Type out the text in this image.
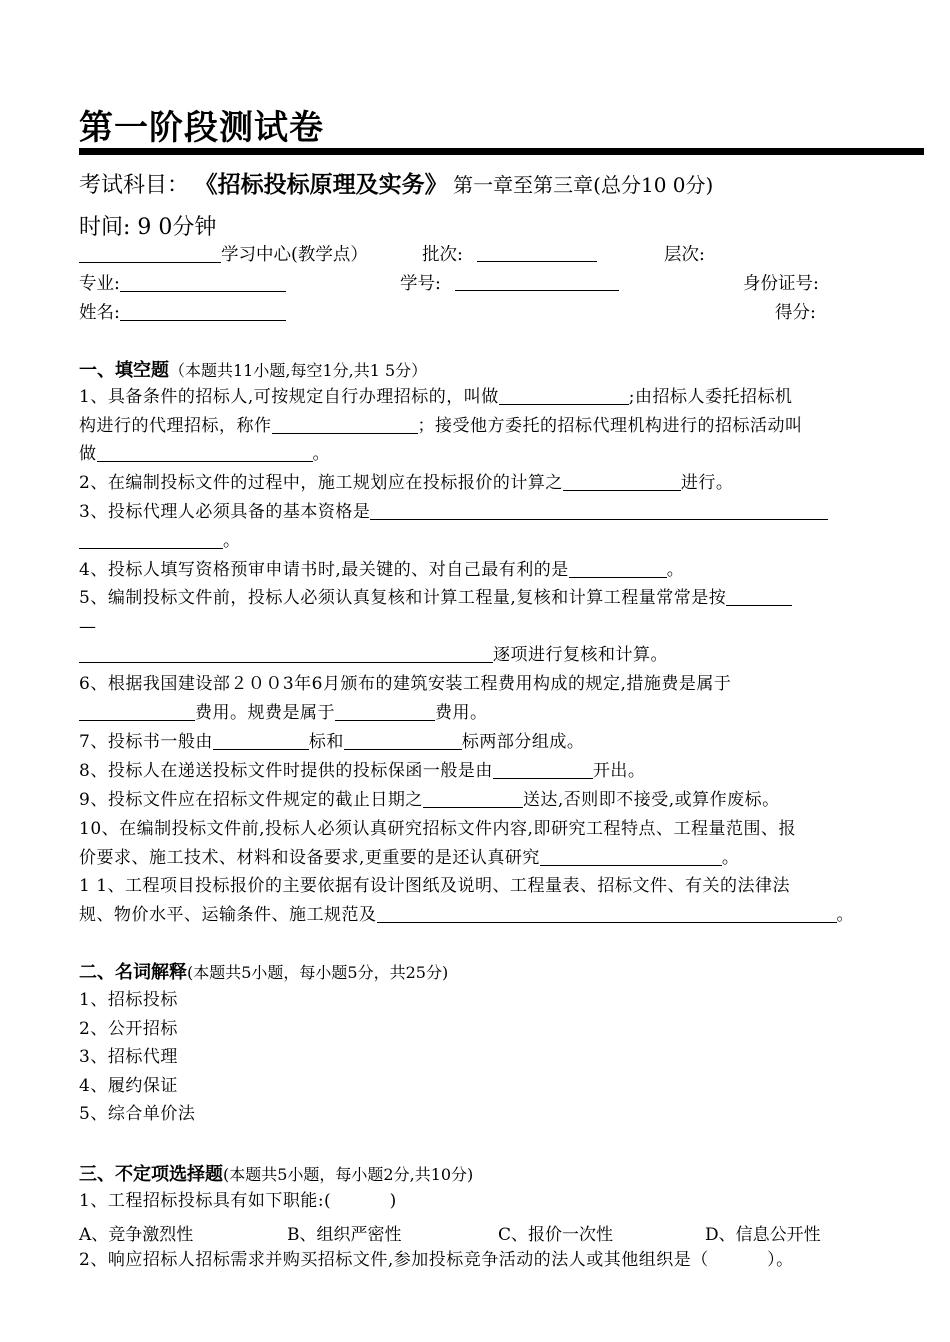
第一阶段测试卷
考试科目： 《招标投标原理及实务》 第一章至第三章(总分10 0分)
时间: 9 0分钟
学习中心(教学点）	批次:	层次:
专业:	学号:	身份证号:
姓名:	得分:
一、填空题（本题共11小题,每空1分,共1 5分）
1、具备条件的招标人,可按规定自行办理招标的，叫做	;由招标人委托招标机
构进行的代理招标，称作	；接受他方委托的招标代理机构进行的招标活动叫
做	。
2、在编制投标文件的过程中，施工规划应在投标报价的计算之	进行。
3、投标代理人必须具备的基本资格是
。
4、投标人填写资格预审申请书时,最关键的、对自己最有利的是	。
5、编制投标文件前，投标人必须认真复核和计算工程量,复核和计算工程量常常是按
—
逐项进行复核和计算。
6、根据我国建设部２００3年6月颁布的建筑安装工程费用构成的规定,措施费是属于
费用。规费是属于	费用。
7、投标书一般由	标和	标两部分组成。
8、投标人在递送投标文件时提供的投标保函一般是由	开出。
9、投标文件应在招标文件规定的截止日期之	送达,否则即不接受,或算作废标。
10、在编制投标文件前,投标人必须认真研究招标文件内容,即研究工程特点、工程量范围、报
价要求、施工技术、材料和设备要求,更重要的是还认真研究	。
1 1、工程项目投标报价的主要依据有设计图纸及说明、工程量表、招标文件、有关的法律法
规、物价水平、运输条件、施工规范及	。
二、名词解释(本题共5小题，每小题5分，共25分)
1、招标投标
2、公开招标
3、招标代理
4、履约保证
5、综合单价法
三、不定项选择题(本题共5小题，每小题2分,共10分)
1、工程招标投标具有如下职能:(　　　 )
A、竞争激烈性	B、组织严密性	C、报价一次性	D、信息公开性
2、响应招标人招标需求并购买招标文件,参加投标竞争活动的法人或其他组织是（　　　 ）。
